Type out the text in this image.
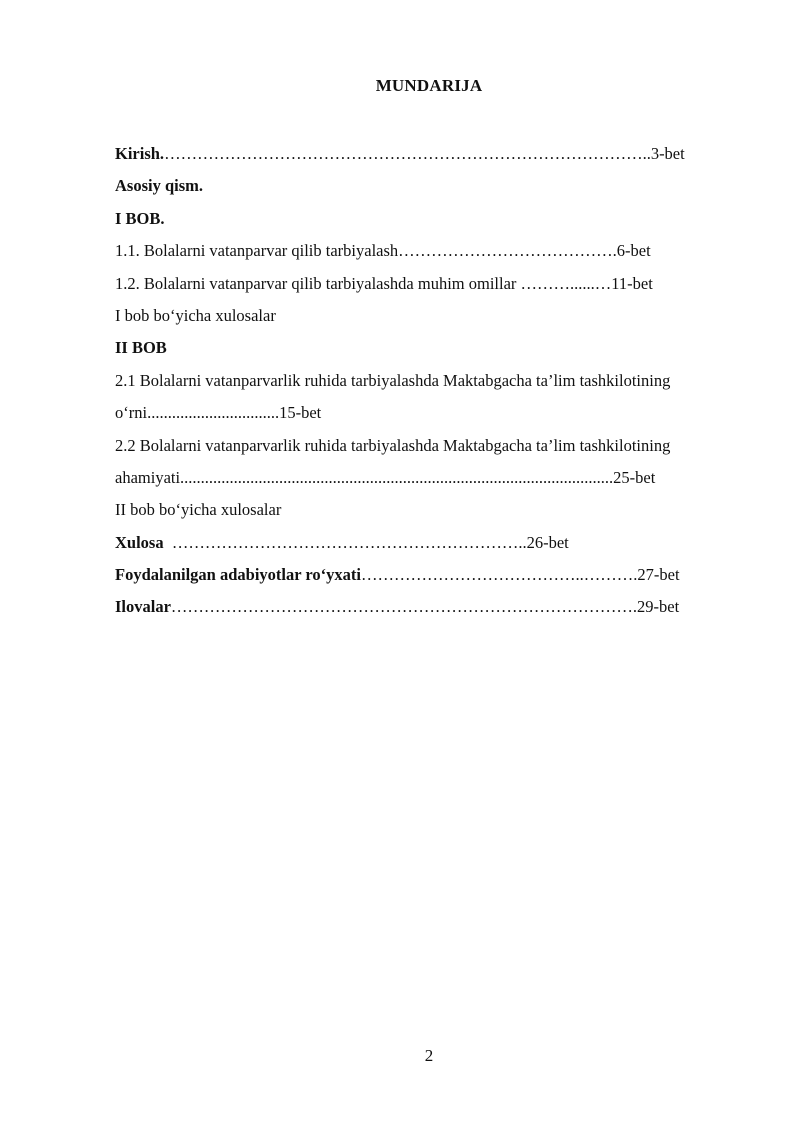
MUNDARIJA
Kirish.……………………………………………………………………………..3-bet
Asosiy qism.
I BOB.
1.1. Bolalarni vatanparvar qilib tarbiyalash………………………………….6-bet
1.2. Bolalarni vatanparvar qilib tarbiyalashda muhim omillar ………......…11-bet
I bob bo‘yicha xulosalar
II BOB
2.1 Bolalarni vatanparvarlik ruhida tarbiyalashda Maktabgacha ta’lim tashkilotining
o‘rni................................15-bet
2.2 Bolalarni vatanparvarlik ruhida tarbiyalashda Maktabgacha ta’lim tashkilotining
ahamiyati.........................................................................................................25-bet
II bob bo‘yicha xulosalar
Xulosa  ………………………………………………………..26-bet
Foydalanilgan adabiyotlar ro‘yxati…………………………………..……….27-bet
Ilovalar………………………………………………………………………….29-bet
2
